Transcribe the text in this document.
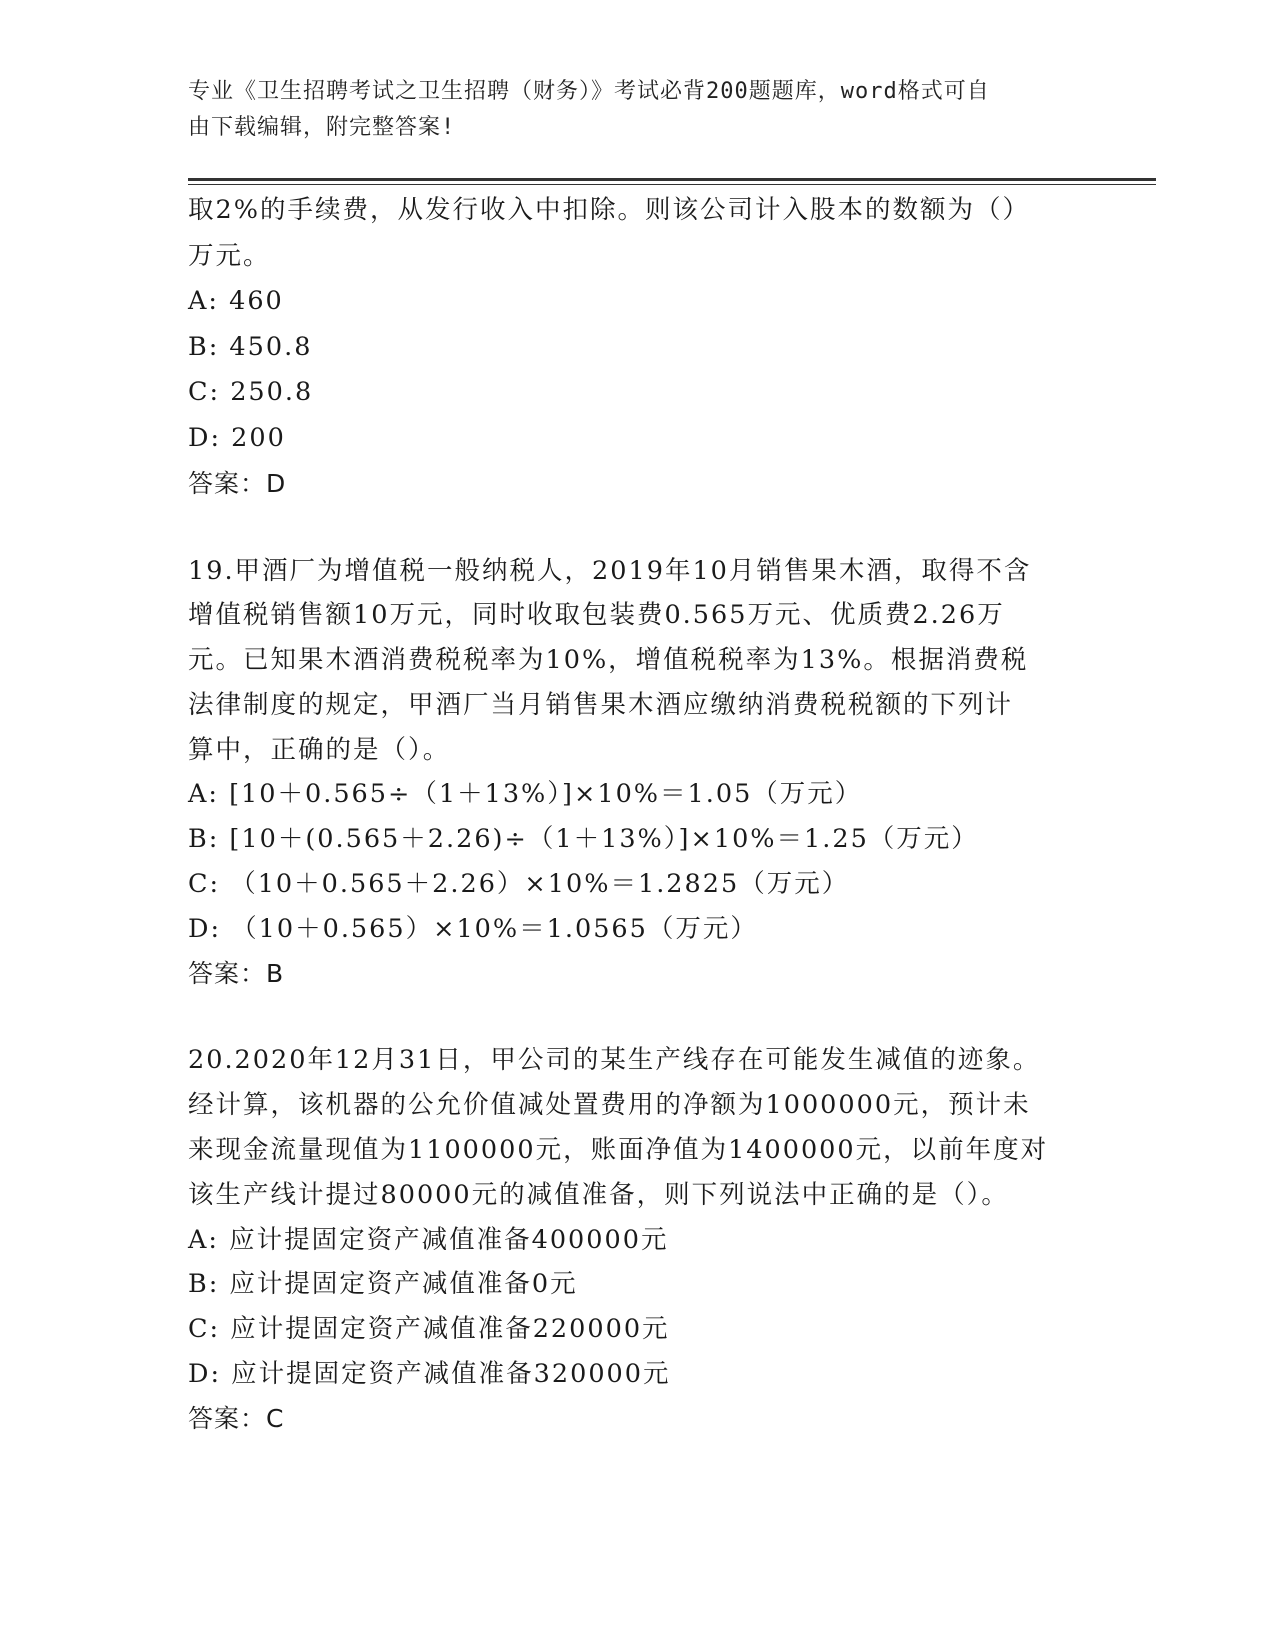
专业《卫生招聘考试之卫生招聘（财务）》考试必背200题题库，word格式可自
由下载编辑，附完整答案!
取2%的手续费，从发行收入中扣除。则该公司计入股本的数额为（）
万元。
A: 460
B: 450.8
C: 250.8
D: 200
答案：D
19.甲酒厂为增值税一般纳税人，2019年10月销售果木酒，取得不含
增值税销售额10万元，同时收取包装费0.565万元、优质费2.26万
元。已知果木酒消费税税率为10%，增值税税率为13%。根据消费税
法律制度的规定，甲酒厂当月销售果木酒应缴纳消费税税额的下列计
算中，正确的是（）。
A: [10＋0.565÷（1＋13%）]×10%＝1.05（万元）
B: [10＋(0.565＋2.26)÷（1＋13%）]×10%＝1.25（万元）
C: （10＋0.565＋2.26）×10%＝1.2825（万元）
D: （10＋0.565）×10%＝1.0565（万元）
答案：B
20.2020年12月31日，甲公司的某生产线存在可能发生减值的迹象。
经计算，该机器的公允价值减处置费用的净额为1000000元，预计未
来现金流量现值为1100000元，账面净值为1400000元，以前年度对
该生产线计提过80000元的减值准备，则下列说法中正确的是（）。
A: 应计提固定资产减值准备400000元
B: 应计提固定资产减值准备0元
C: 应计提固定资产减值准备220000元
D: 应计提固定资产减值准备320000元
答案：C
